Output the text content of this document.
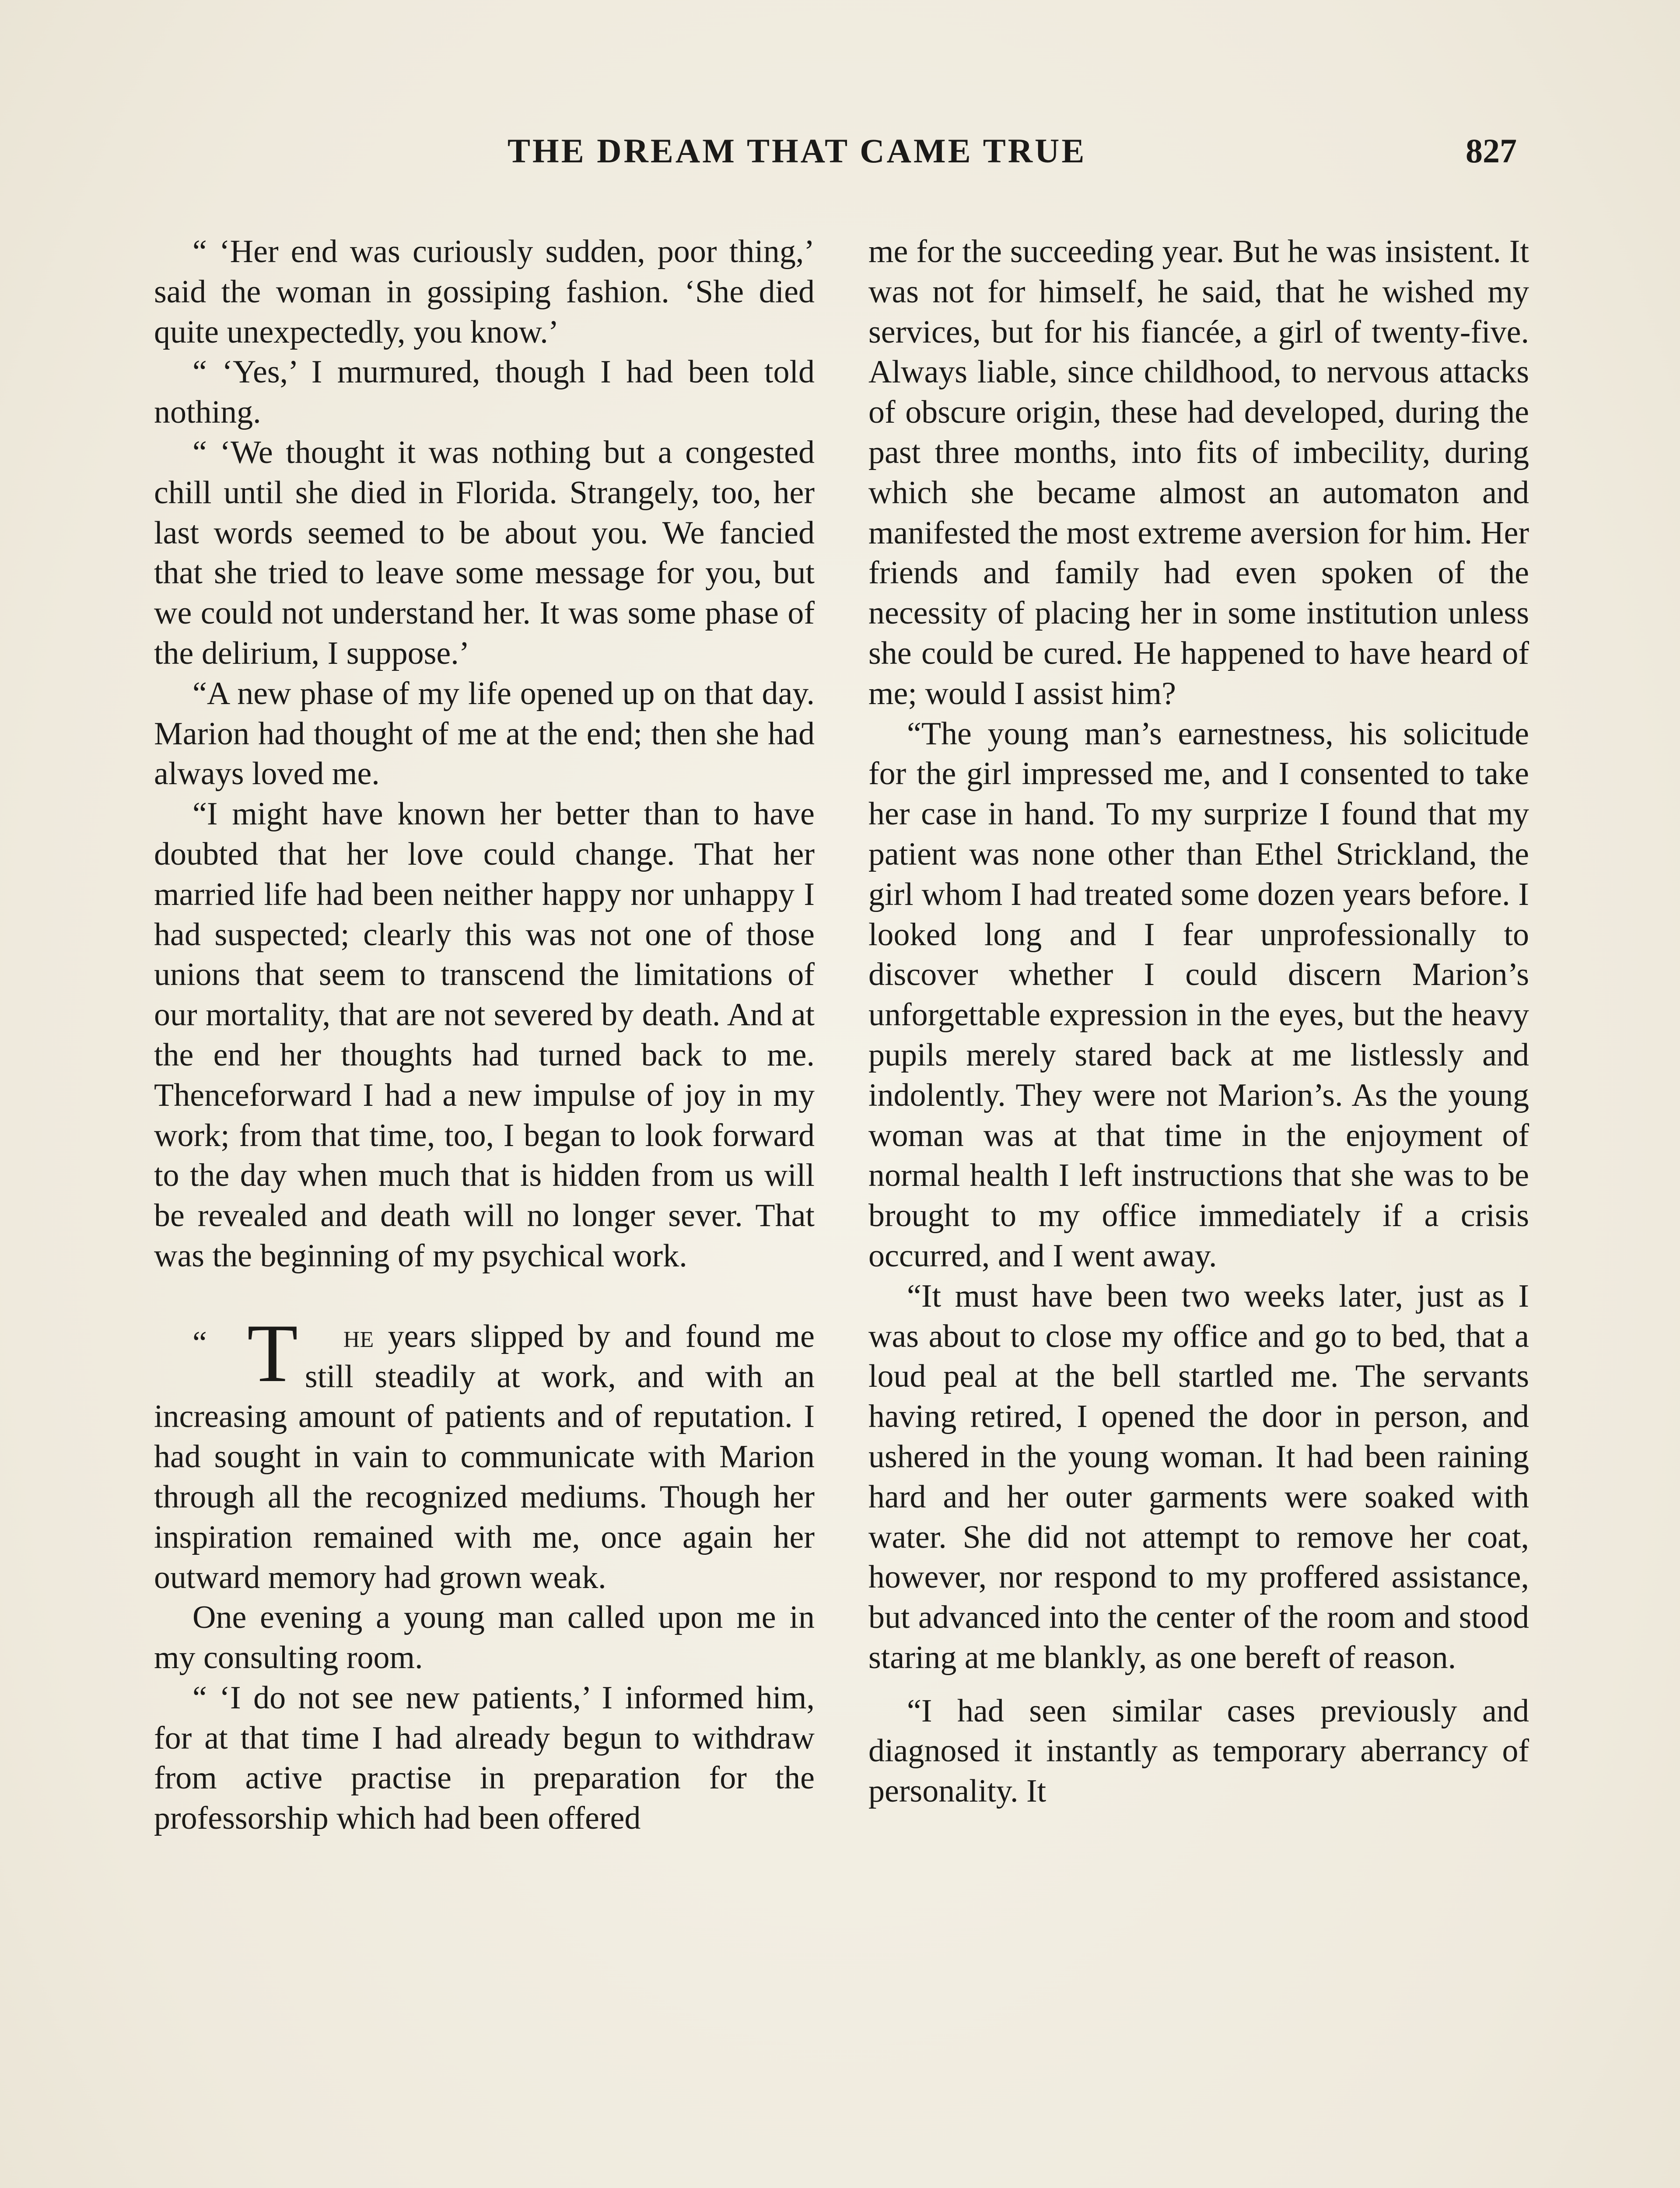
THE DREAM THAT CAME TRUE	827

“ ‘Her end was curiously sudden, poor thing,’ said the woman in gossiping fashion. ‘She died quite unexpectedly, you know.’

“ ‘Yes,’ I murmured, though I had been told nothing.

“ ‘We thought it was nothing but a congested chill until she died in Florida. Strangely, too, her last words seemed to be about you. We fancied that she tried to leave some message for you, but we could not understand her. It was some phase of the delirium, I suppose.’

“A new phase of my life opened up on that day. Marion had thought of me at the end; then she had always loved me.

“I might have known her better than to have doubted that her love could change. That her married life had been neither happy nor unhappy I had suspected; clearly this was not one of those unions that seem to transcend the limitations of our mortality, that are not severed by death. And at the end her thoughts had turned back to me. Thenceforward I had a new impulse of joy in my work; from that time, too, I began to look forward to the day when much that is hidden from us will be revealed and death will no longer sever. That was the beginning of my psychical work.

“ T he years slipped by and found me still steadily at work, and with an increasing amount of patients and of reputation. I had sought in vain to communicate with Marion through all the recognized mediums. Though her inspiration remained with me, once again her outward memory had grown weak.

One evening a young man called upon me in my consulting room.

“ ‘I do not see new patients,’ I informed him, for at that time I had already begun to withdraw from active practise in preparation for the professorship which had been offered

me for the succeeding year. But he was insistent. It was not for himself, he said, that he wished my services, but for his fiancée, a girl of twenty-five. Always liable, since childhood, to nervous attacks of obscure origin, these had developed, during the past three months, into fits of imbecility, during which she became almost an automaton and manifested the most extreme aversion for him. Her friends and family had even spoken of the necessity of placing her in some institution unless she could be cured. He happened to have heard of me; would I assist him?

“The young man’s earnestness, his solicitude for the girl impressed me, and I consented to take her case in hand. To my surprize I found that my patient was none other than Ethel Strickland, the girl whom I had treated some dozen years before. I looked long and I fear unprofessionally to discover whether I could discern Marion’s unforgettable expression in the eyes, but the heavy pupils merely stared back at me listlessly and indolently. They were not Marion’s. As the young woman was at that time in the enjoyment of normal health I left instructions that she was to be brought to my office immediately if a crisis occurred, and I went away.

“It must have been two weeks later, just as I was about to close my office and go to bed, that a loud peal at the bell startled me. The servants having retired, I opened the door in person, and ushered in the young woman. It had been raining hard and her outer garments were soaked with water. She did not attempt to remove her coat, however, nor respond to my proffered assistance, but advanced into the center of the room and stood staring at me blankly, as one bereft of reason.

“I had seen similar cases previously and diagnosed it instantly as temporary aberrancy of personality. It
